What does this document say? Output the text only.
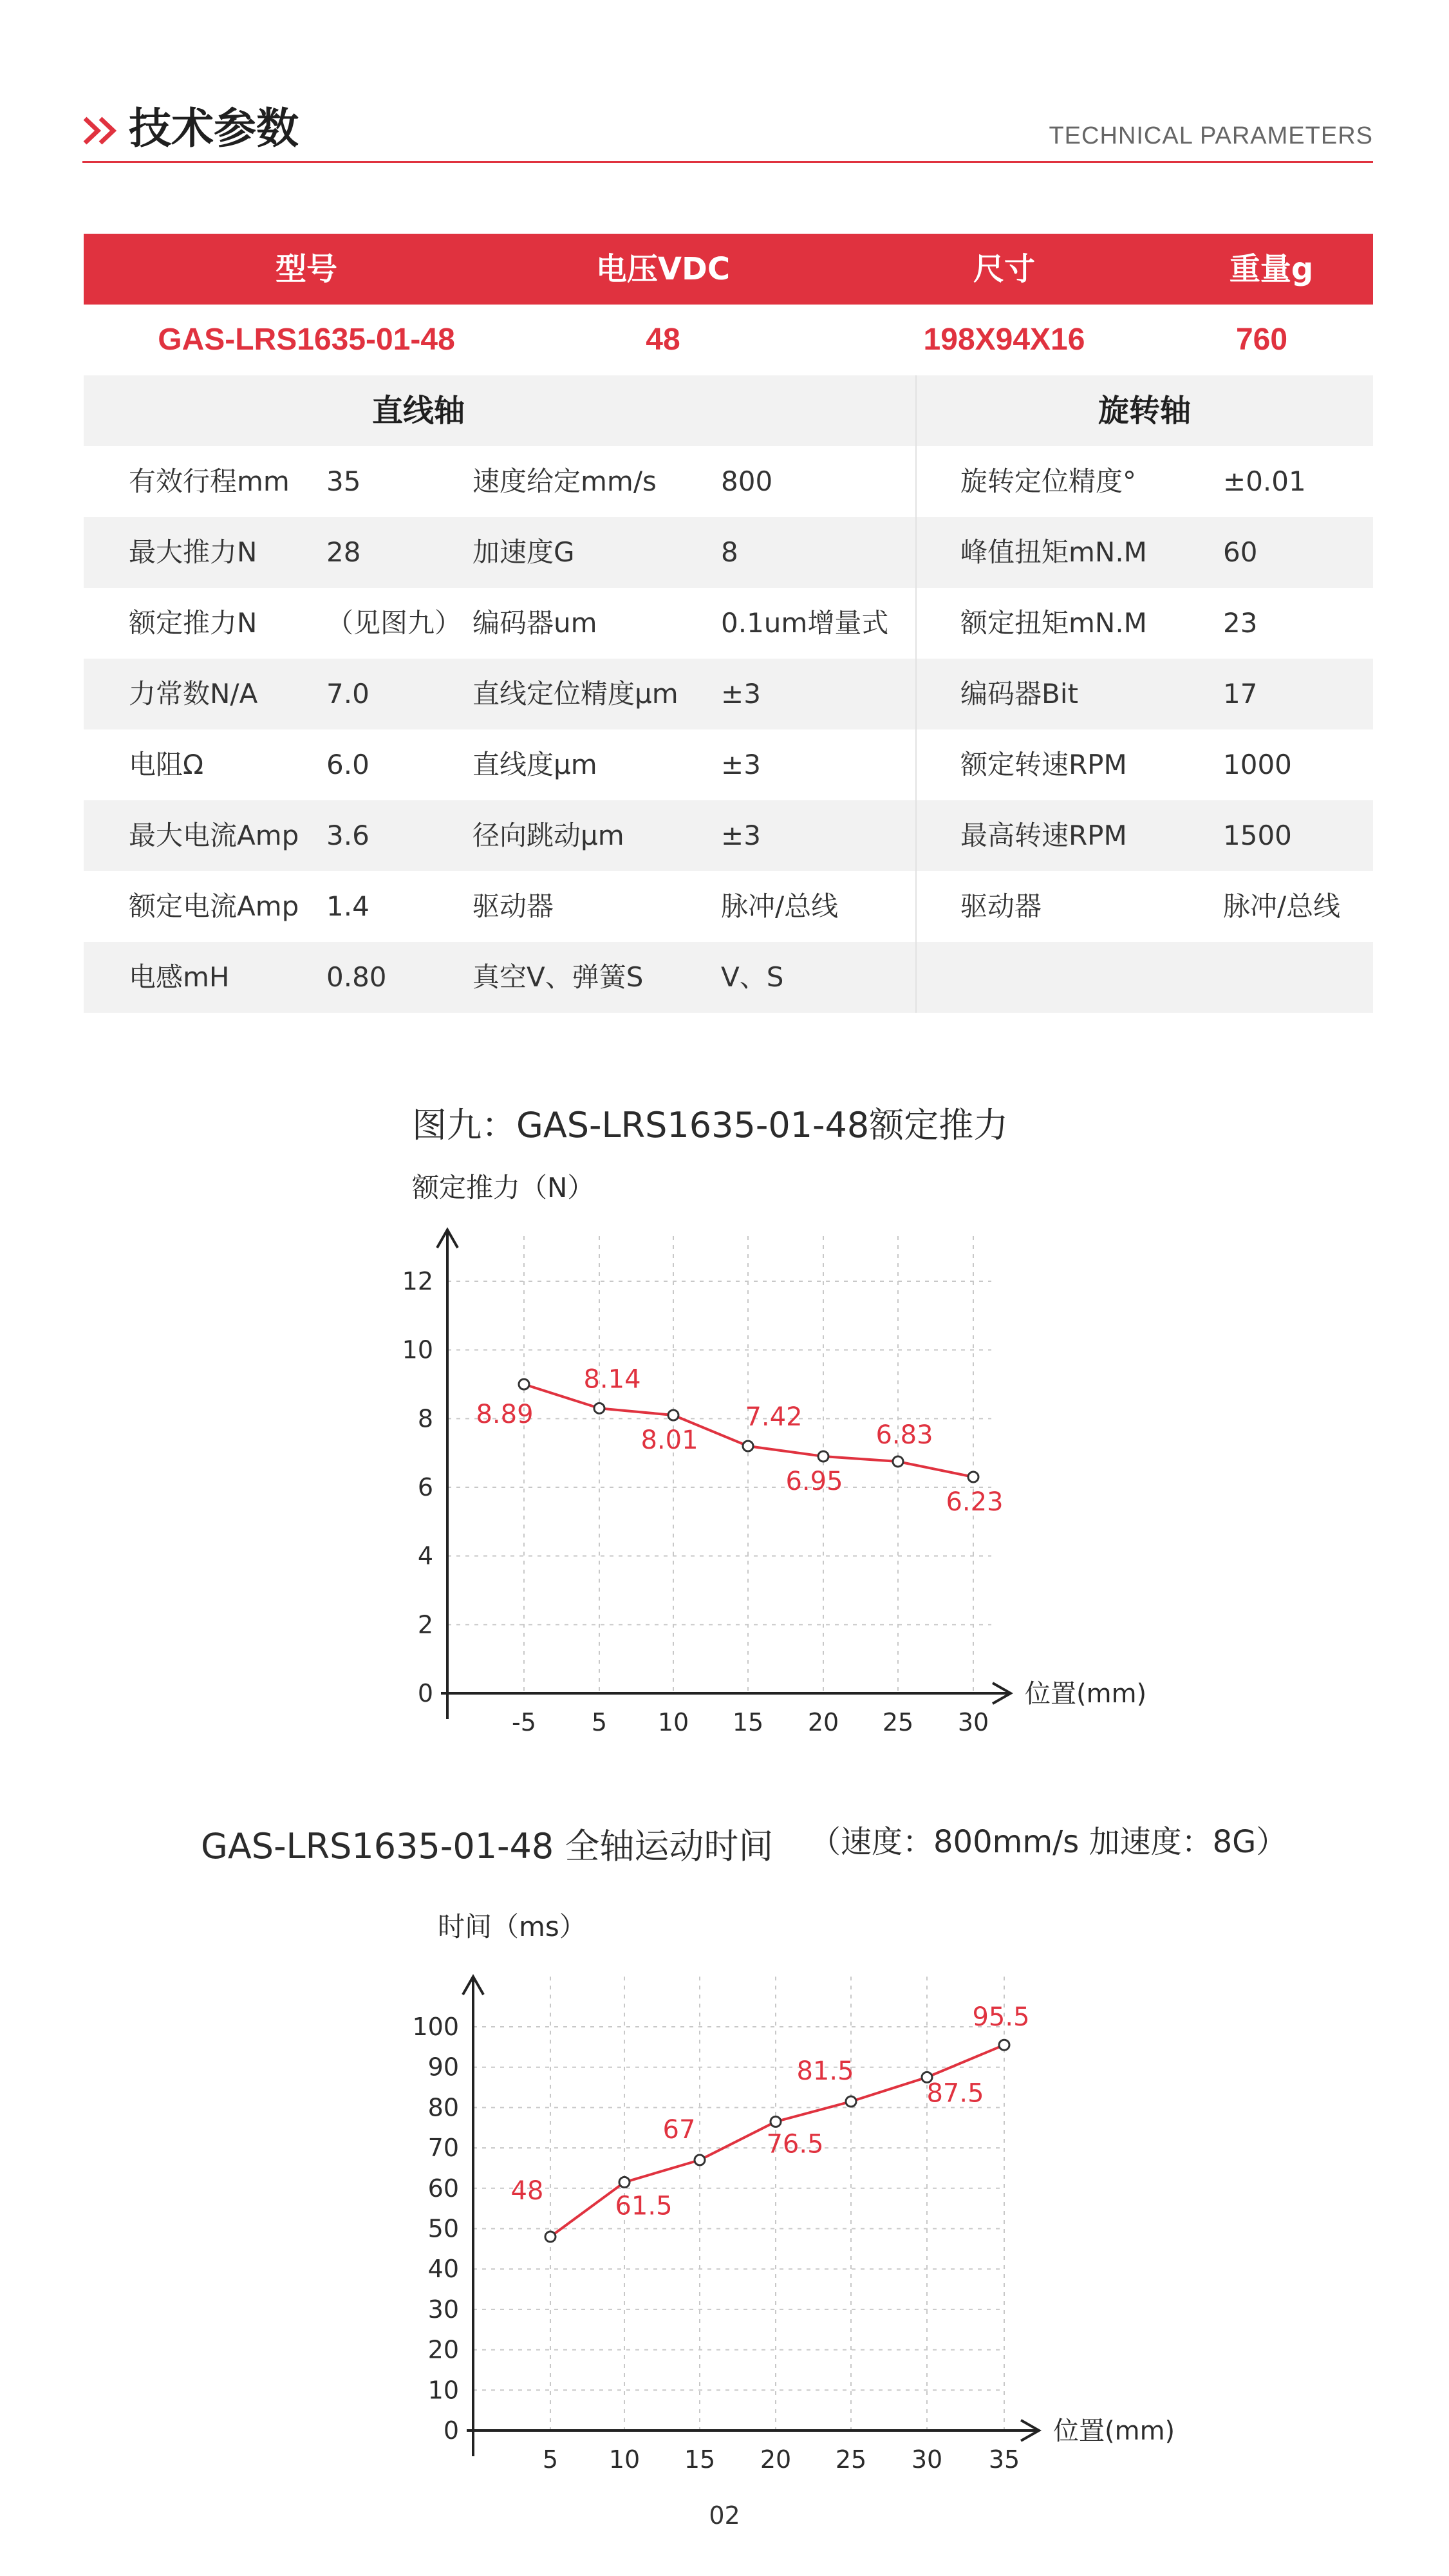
技术参数	TECHNICAL PARAMETERS
型号	电压VDC	尺寸	重量g
GAS-LRS1635-01-48	48	198X94X16	760
直线轴	旋转轴
有效行程mm 35	速度给定mm/s 800	旋转定位精度°	±0.01
最大推力N	28	加速度G	8	峰值扭矩mN.M	60
额定推力N	（见图九） 编码器um	0.1um增量式	额定扭矩mN.M	23
力常数N/A	7.0	直线定位精度μm ±3	编码器Bit	17
电阻Ω	6.0	直线度μm	±3	额定转速RPM	1000
最大电流Amp 3.6	径向跳动μm	±3	最高转速RPM	1500
额定电流Amp 1.4	驱动器	脉冲/总线	驱动器	脉冲/总线
电感mH	0.80	真空V、弹簧S	V、S
图九：GAS-LRS1635-01-48额定推力
额定推力（N）
0
2
4
6
8
10
12
-5 5 10 15 20 25 30
位置(mm)
8.89
8.14
8.01
7.42
6.95
6.83
6.23
GAS-LRS1635-01-48 全轴运动时间 （速度：800mm/s 加速度：8G）
时间（ms）
0
10
20
30
40
50
60
70
80
90
100
5 10 15 20 25 30 35
位置(mm)
48
61.5
67	76.5
81.5
87.5
95.5
02
